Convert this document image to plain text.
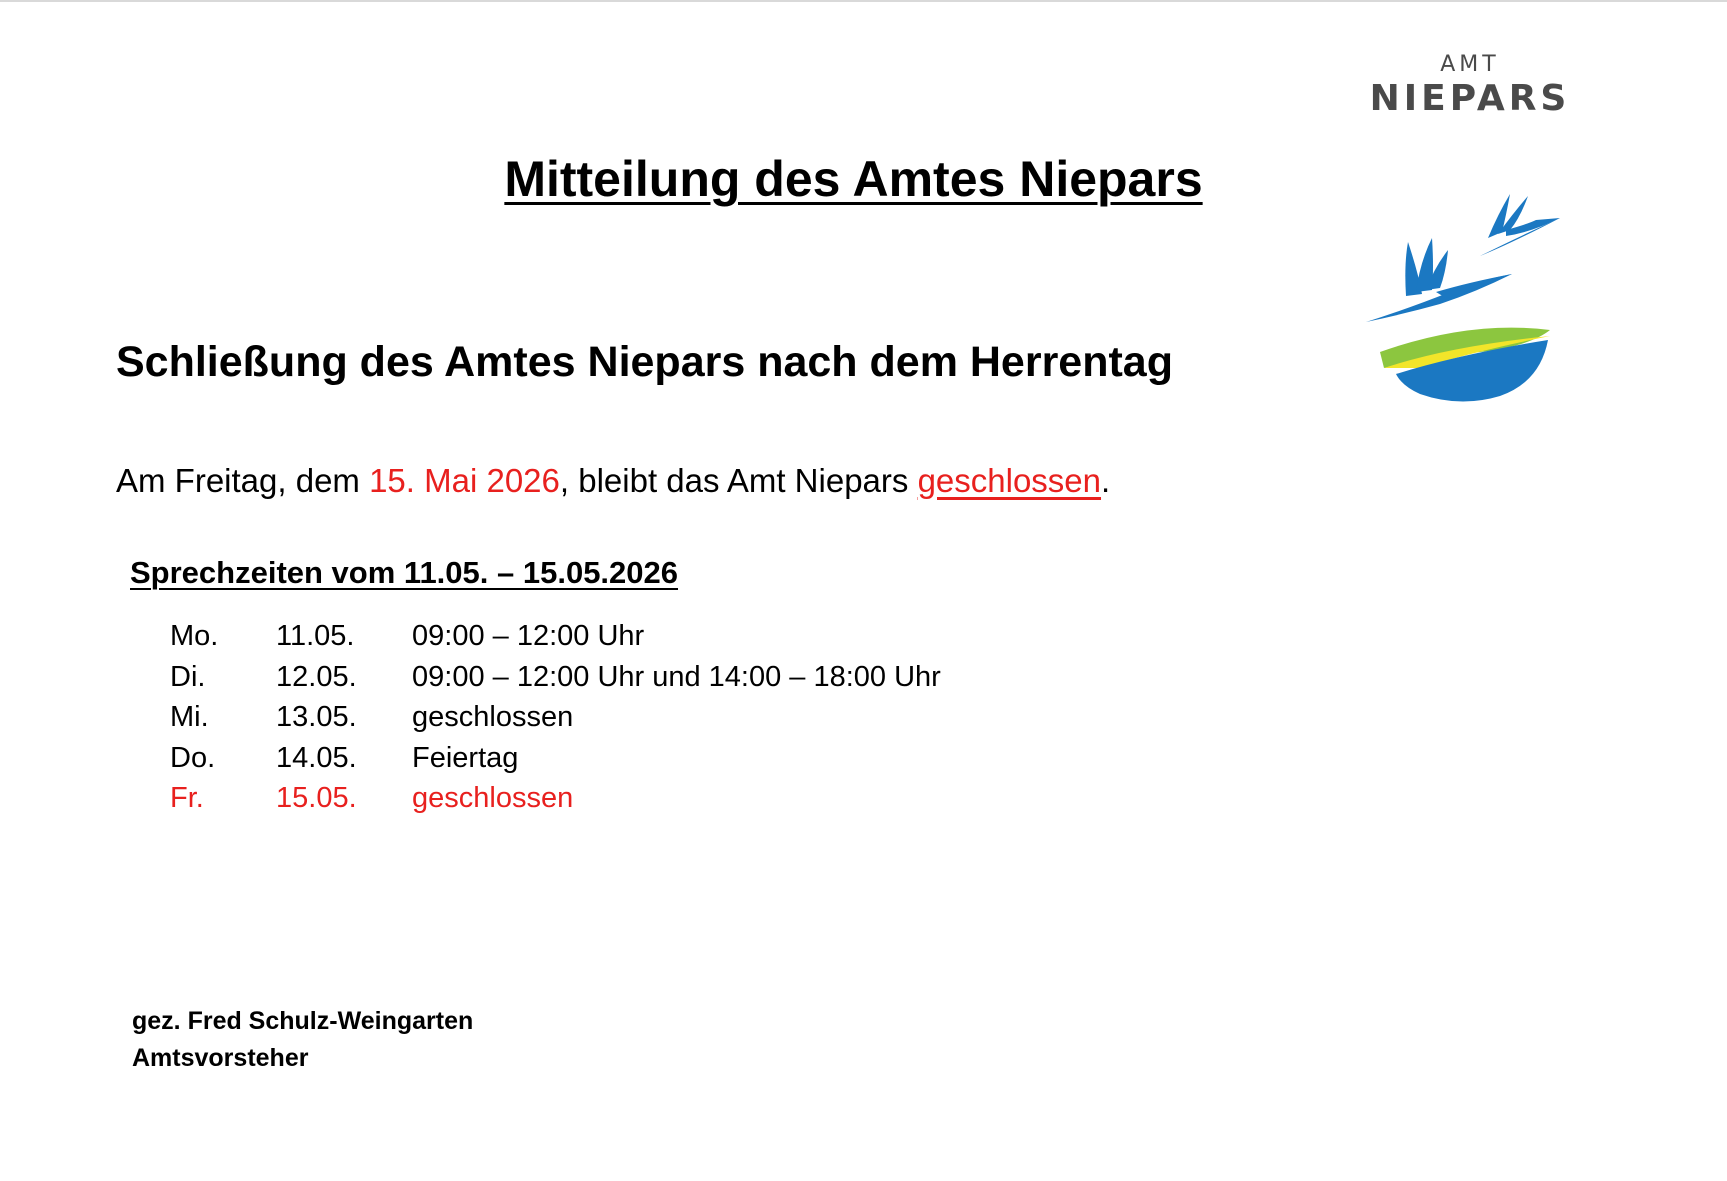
AMT
NIEPARS
Mitteilung des Amtes Niepars
Schließung des Amtes Niepars nach dem Herrentag
Am Freitag, dem 15. Mai 2026, bleibt das Amt Niepars geschlossen.
Sprechzeiten vom 11.05. – 15.05.2026
Mo. 11.05. 09:00 – 12:00 Uhr
Di. 12.05. 09:00 – 12:00 Uhr und 14:00 – 18:00 Uhr
Mi. 13.05. geschlossen
Do. 14.05. Feiertag
Fr. 15.05. geschlossen
gez. Fred Schulz-Weingarten
Amtsvorsteher
